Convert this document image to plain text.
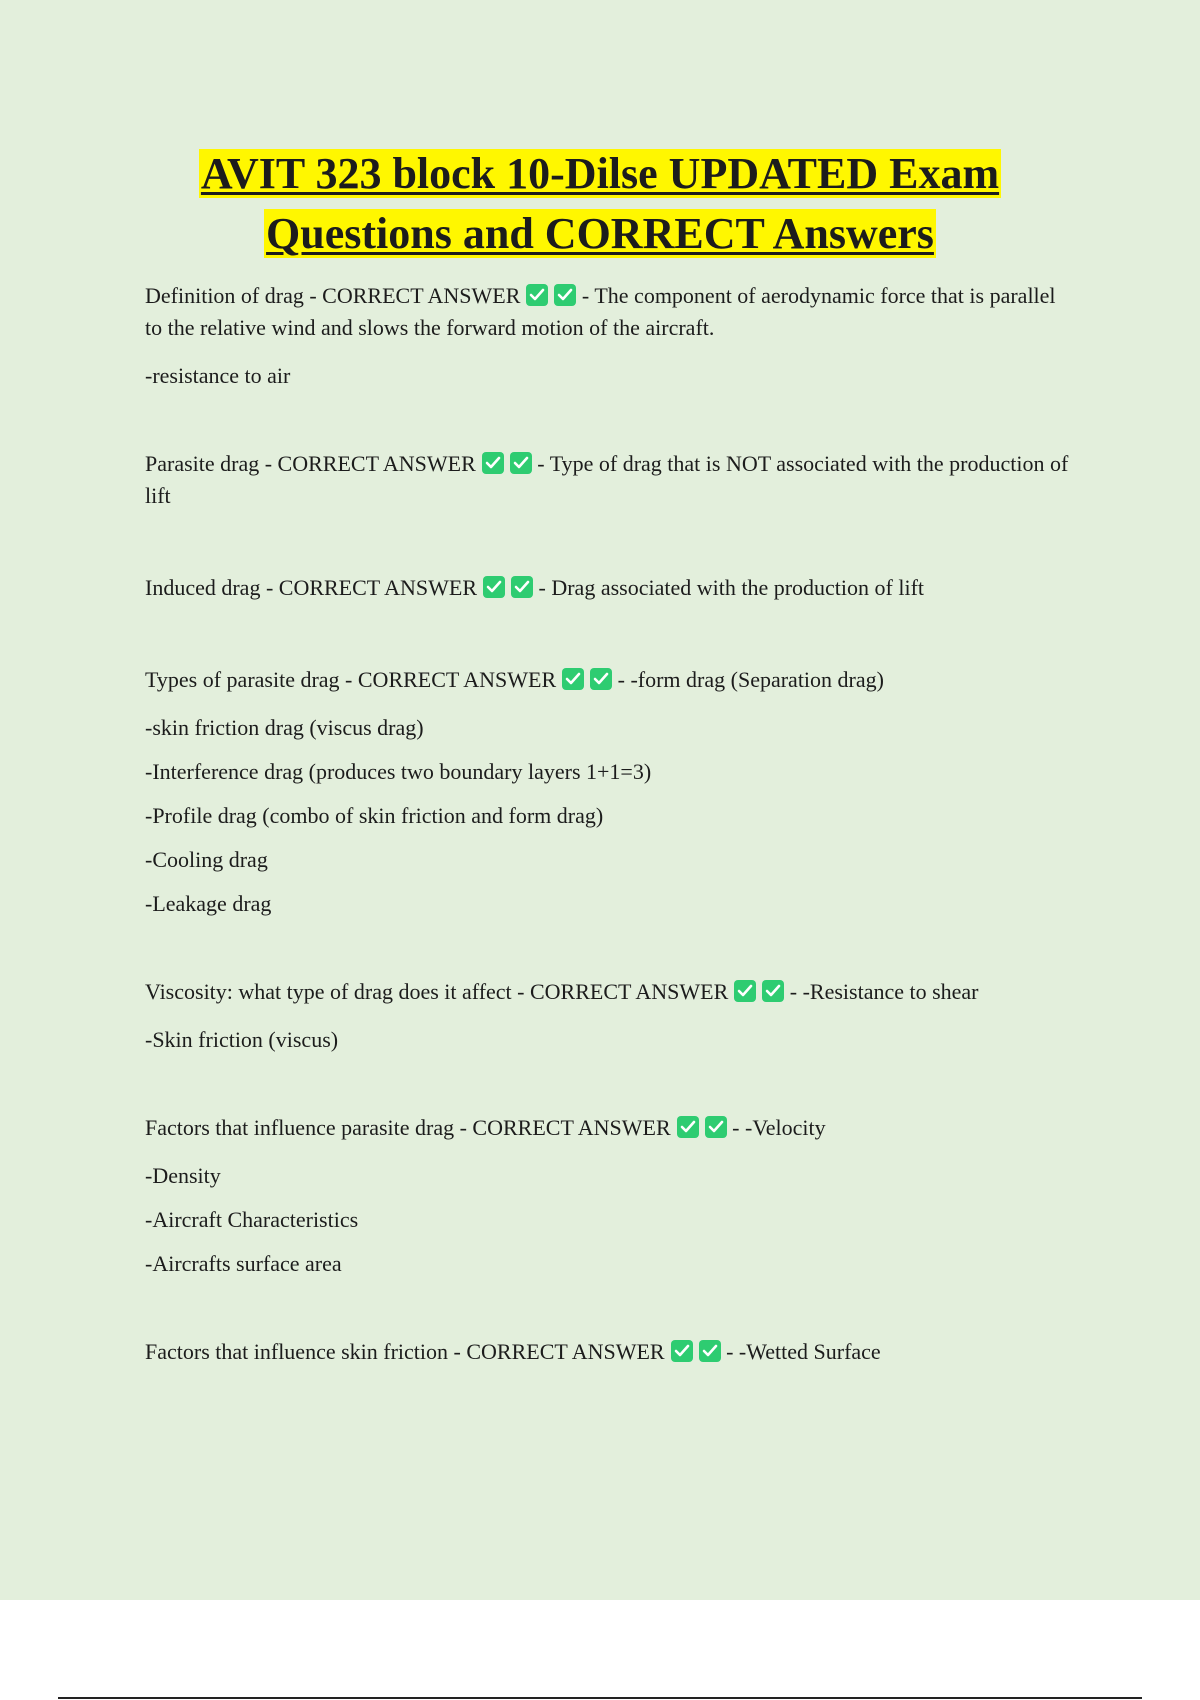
AVIT 323 block 10-Dilse UPDATED Exam
Questions and CORRECT Answers

Definition of drag - CORRECT ANSWER	- The component of aerodynamic force that is parallel to the relative wind and slows the forward motion of the aircraft.

-resistance to air

Parasite drag - CORRECT ANSWER	- Type of drag that is NOT associated with the production of lift

Induced drag - CORRECT ANSWER	- Drag associated with the production of lift

Types of parasite drag - CORRECT ANSWER	- -form drag (Separation drag)

-skin friction drag (viscus drag)

-Interference drag (produces two boundary layers 1+1=3)

-Profile drag (combo of skin friction and form drag)

-Cooling drag

-Leakage drag

Viscosity: what type of drag does it affect - CORRECT ANSWER	- -Resistance to shear

-Skin friction (viscus)

Factors that influence parasite drag - CORRECT ANSWER	- -Velocity

-Density

-Aircraft Characteristics

-Aircrafts surface area

Factors that influence skin friction - CORRECT ANSWER	- -Wetted Surface
